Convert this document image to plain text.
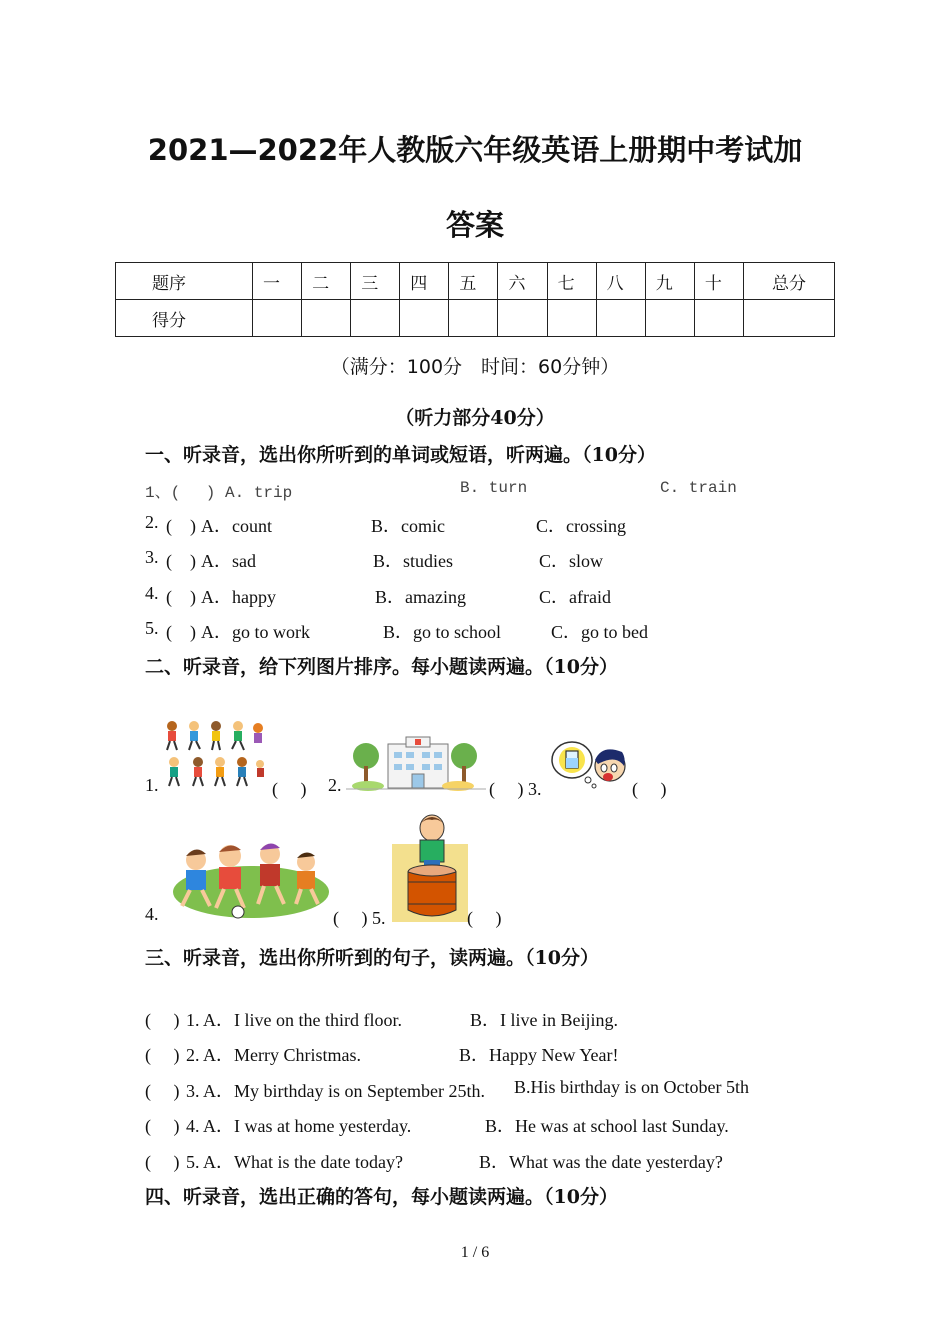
2021—2022年人教版六年级英语上册期中考试加
答案
题序	一	二	三	四	五	六	七	八	九	十	总分
得分											
（满分：100分　时间：60分钟）
（听力部分40分）
一、听录音，选出你所听到的单词或短语，听两遍。（10分）
1、(　 ) A. trip	B. turn	C. train
2. (　) A．count	B．comic	C．crossing
3. (　) A．sad	B．studies	C．slow
4. (　) A．happy	B．amazing	C．afraid
5. (　) A．go to work	B．go to school	C．go to bed
二、听录音，给下列图片排序。每小题读两遍。（10分）
1.	(　 ) 2.	(　 ) 3.	(　 )
4.	(　 ) 5.	(　 )
三、听录音，选出你所听到的句子，读两遍。（10分）
(　 ) 1. A．I live on the third floor.	B．I live in Beijing.
(　 ) 2. A．Merry Christmas.	B．Happy New Year!
(　 ) 3. A．My birthday is on September 25th. B.His birthday is on October 5th
(　 ) 4. A．I was at home yesterday.	B．He was at school last Sunday.
(　 ) 5. A．What is the date today?	B．What was the date yesterday?
四、听录音，选出正确的答句，每小题读两遍。（10分）
1 / 6
